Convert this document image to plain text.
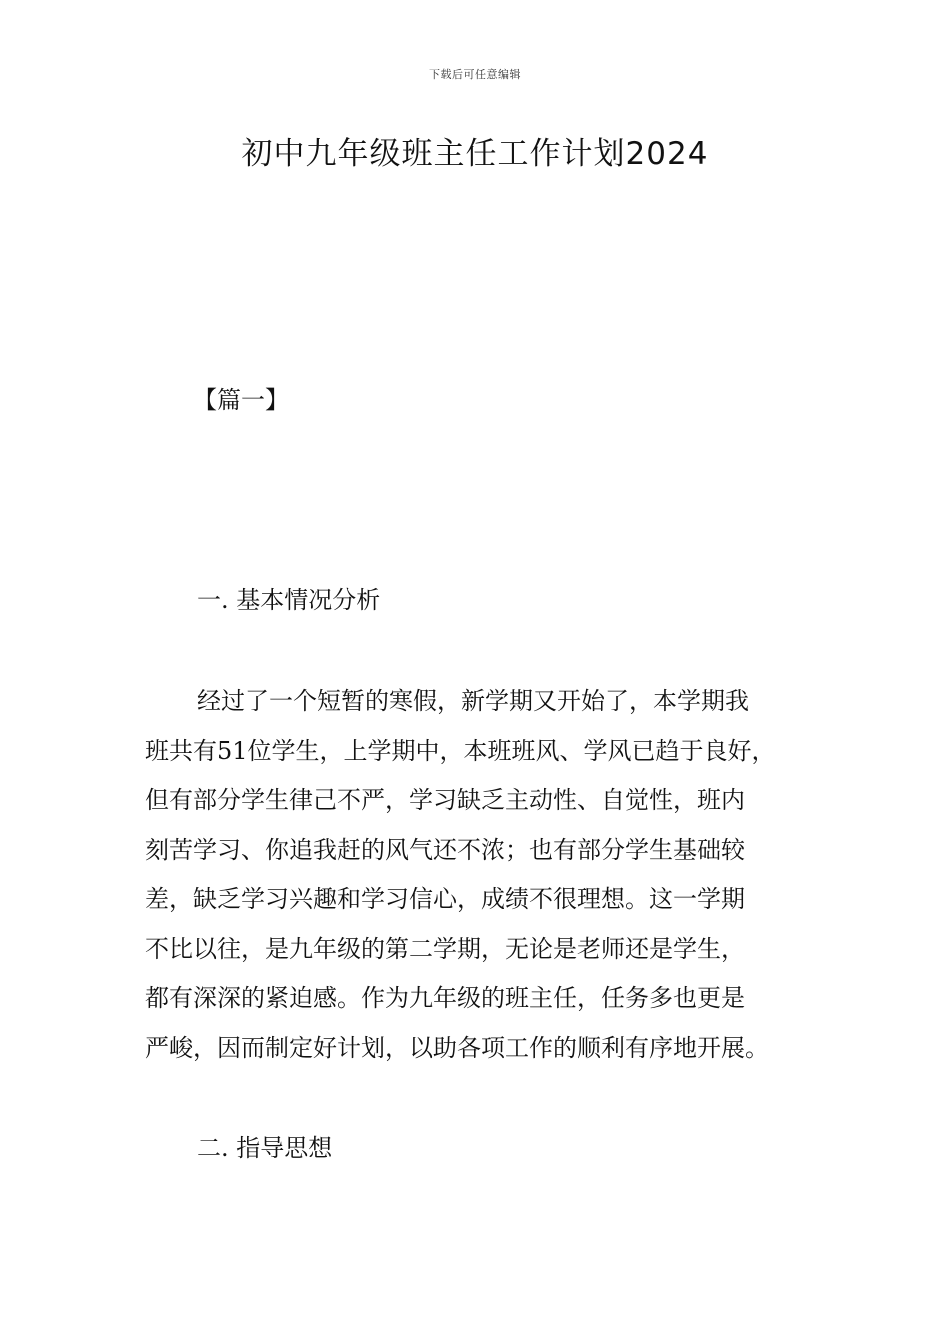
下载后可任意编辑
初中九年级班主任工作计划2024
【篇一】
一. 基本情况分析

经过了一个短暂的寒假，新学期又开始了，本学期我
班共有51位学生，上学期中，本班班风、学风已趋于良好，
但有部分学生律己不严，学习缺乏主动性、自觉性，班内
刻苦学习、你追我赶的风气还不浓；也有部分学生基础较
差，缺乏学习兴趣和学习信心，成绩不很理想。这一学期
不比以往，是九年级的第二学期，无论是老师还是学生，
都有深深的紧迫感。作为九年级的班主任，任务多也更是
严峻，因而制定好计划，以助各项工作的顺利有序地开展。

二. 指导思想
